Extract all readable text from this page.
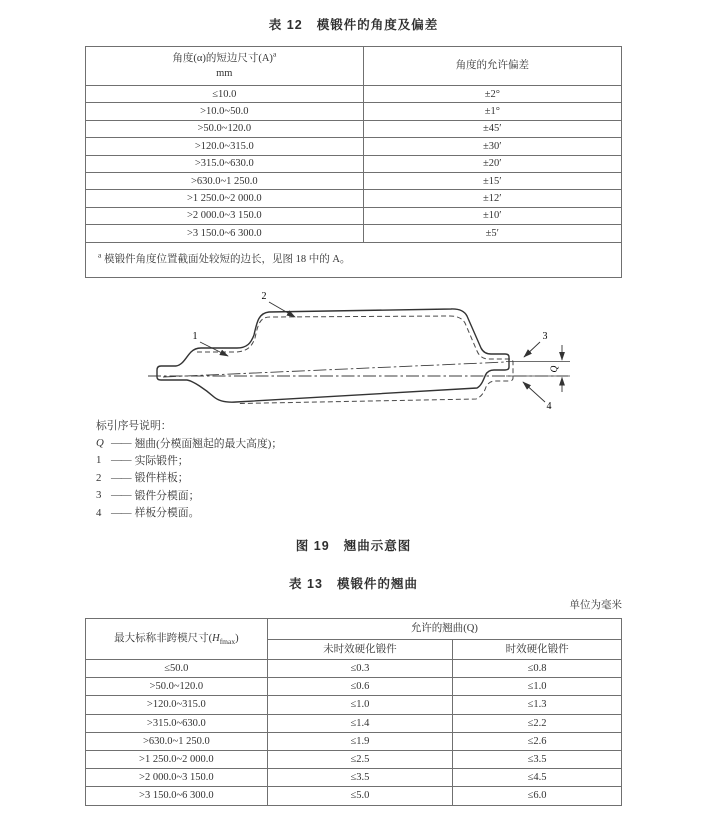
表 12 模锻件的角度及偏差
角度(α)的短边尺寸$(A)^a$
mm	角度的允许偏差
≤10.0	±2°
>10.0~50.0	±1°
>50.0~120.0	±45′
>120.0~315.0	±30′
>315.0~630.0	±20′
>630.0~1 250.0	±15′
>1 250.0~2 000.0	±12′
>2 000.0~3 150.0	±10′
>3 150.0~6 300.0	±5′
$^a$ 模锻件角度位置截面处较短的边长，见图 18 中的 A。	
Q
2
1	3
4
标引序号说明：
Q —— 翘曲(分模面翘起的最大高度)；
1 —— 实际锻件；
2 —— 锻件样板；
3 —— 锻件分模面；
4 —— 样板分模面。
图 19 翘曲示意图
表 13 模锻件的翘曲
单位为毫米
最大标称非跨模尺寸$(H_{fmax})$	允许的翘曲(Q)	
	未时效硬化锻件	时效硬化锻件
≤50.0	≤0.3	≤0.8
>50.0~120.0	≤0.6	≤1.0
>120.0~315.0	≤1.0	≤1.3
>315.0~630.0	≤1.4	≤2.2
>630.0~1 250.0	≤1.9	≤2.6
>1 250.0~2 000.0	≤2.5	≤3.5
>2 000.0~3 150.0	≤3.5	≤4.5
>3 150.0~6 300.0	≤5.0	≤6.0
